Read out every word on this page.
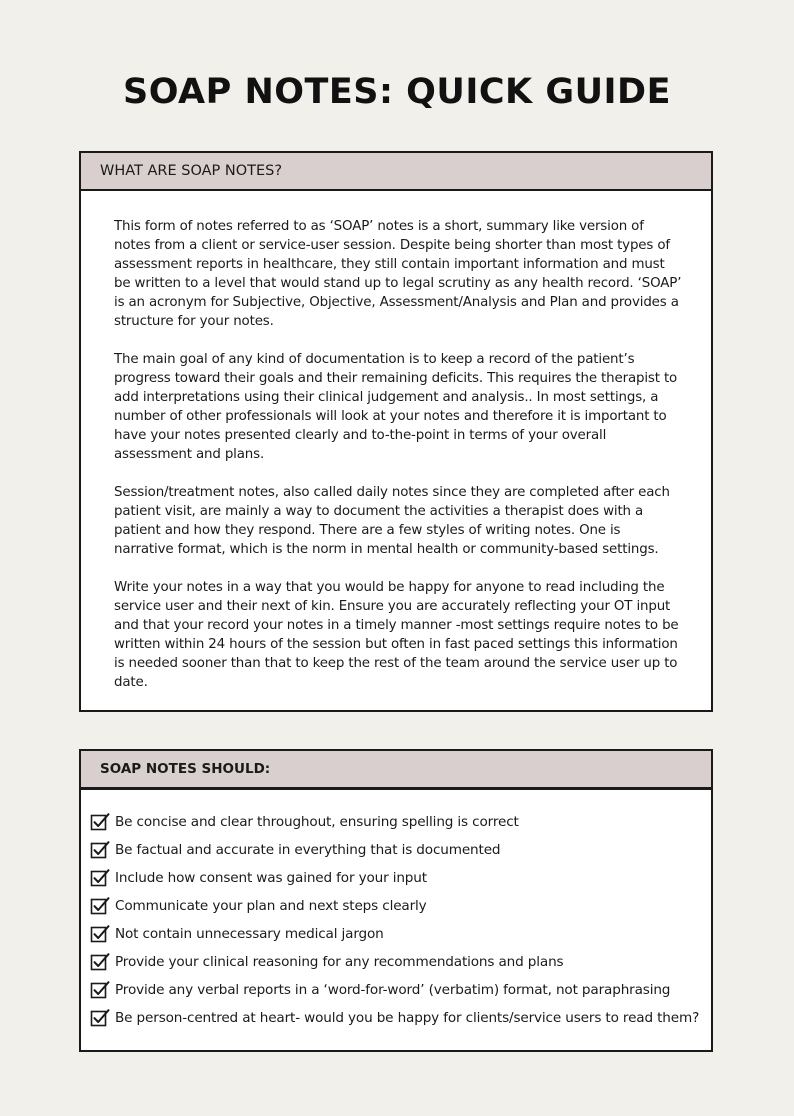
SOAP NOTES: QUICK GUIDE
WHAT ARE SOAP NOTES?

This form of notes referred to as ‘SOAP’ notes is a short, summary like version of notes from a client or service-user session. Despite being shorter than most types of assessment reports in healthcare, they still contain important information and must be written to a level that would stand up to legal scrutiny as any health record. ‘SOAP’ is an acronym for Subjective, Objective, Assessment/Analysis and Plan and provides a structure for your notes.

The main goal of any kind of documentation is to keep a record of the patient’s progress toward their goals and their remaining deficits. This requires the therapist to add interpretations using their clinical judgement and analysis.. In most settings, a number of other professionals will look at your notes and therefore it is important to have your notes presented clearly and to-the-point in terms of your overall assessment and plans.

Session/treatment notes, also called daily notes since they are completed after each patient visit, are mainly a way to document the activities a therapist does with a patient and how they respond. There are a few styles of writing notes. One is narrative format, which is the norm in mental health or community-based settings.

Write your notes in a way that you would be happy for anyone to read including the service user and their next of kin. Ensure you are accurately reflecting your OT input and that your record your notes in a timely manner -most settings require notes to be written within 24 hours of the session but often in fast paced settings this information is needed sooner than that to keep the rest of the team around the service user up to date.

SOAP NOTES SHOULD:
Be concise and clear throughout, ensuring spelling is correct
Be factual and accurate in everything that is documented
Include how consent was gained for your input
Communicate your plan and next steps clearly
Not contain unnecessary medical jargon
Provide your clinical reasoning for any recommendations and plans
Provide any verbal reports in a ‘word-for-word’ (verbatim) format, not paraphrasing
Be person-centred at heart- would you be happy for clients/service users to read them?
